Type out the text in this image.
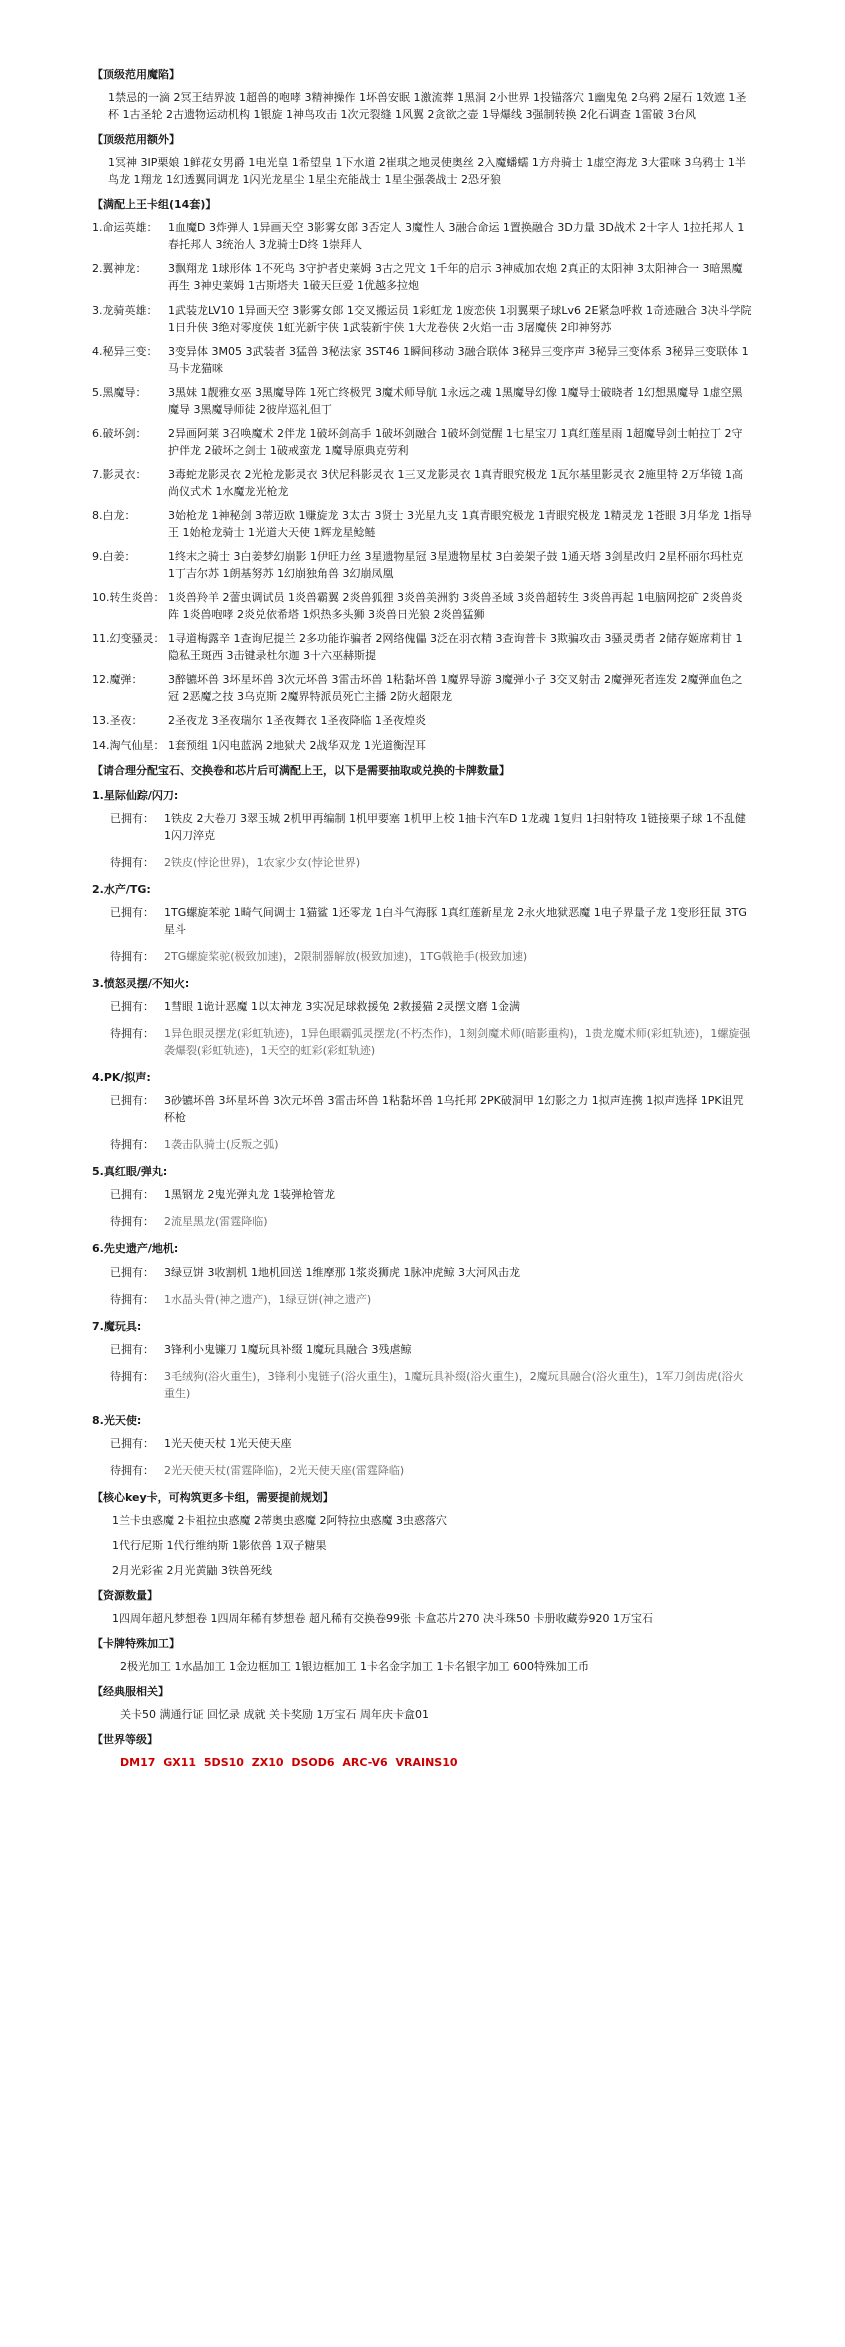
【顶级范用魔陷】
1禁忌的一滴 2冥王结界波 1超兽的咆哮 3精神操作 1坏兽安眠 1激流葬 1黑洞 2小世界 1投锚落穴 1幽鬼兔 2乌鸦 2屋石 1效遮 1圣杯 1古圣轮 2古遗物运动机构 1银旋 1神鸟攻击 1次元裂缝 1风翼 2贪欲之壶 1导爆线 3强制转换 2化石调查 1雷破 3台风
【顶级范用额外】
1冥神 3IP栗娘 1鲜花女男爵 1电光皇 1希望皇 1下水道 2崔琪之地灵使奥丝 2入魔蟠蠕 1方舟骑士 1虚空海龙 3大霍咪 3乌鸦士 1半鸟龙 1翔龙 1幻透翼同调龙 1闪光龙星尘 1星尘充能战士 1星尘强袭战士 2恐牙狼
【满配上王卡组(14套)】
1.命运英雄： 1血魔D 3炸弹人 1异画天空 3影雾女郎 3否定人 3魔性人 3融合命运 1置换融合 3D力量 3D战术 2十字人 1拉托邦人 1春托邦人 3统治人 3龙骑士D终 1崇拜人
2.翼神龙：	3飘翔龙 1球形体 1不死鸟 3守护者史莱姆 3古之咒文 1千年的启示 3神威加农炮 2真正的太阳神 3太阳神合一 3暗黑魔再生 3神史莱姆 1古斯塔夫 1破天巨爱 1优越多拉炮
3.龙骑英雄： 1武装龙LV10 1异画天空 3影雾女郎 1交叉搬运员 1彩虹龙 1废恋侠 1羽翼栗子球Lv6 2E紧急呼救 1奇迹融合 3决斗学院 1日升侠 3绝对零度侠 1虹光新宇侠 1武装新宇侠 1大龙卷侠 2火焰一击 3屠魔侠 2印神努苏
4.秘异三变： 3变异体 3M05 3武装者 3猛兽 3秘法家 3ST46 1瞬间移动 3融合联体 3秘异三变序声 3秘异三变体系 3秘异三变联体 1马卡龙猫咪
5.黑魔导：	3黑妹 1靓雅女巫 3黑魔导阵 1死亡终极咒 3魔术师导航 1永远之魂 1黑魔导幻像 1魔导士破晓者 1幻想黑魔导 1虚空黑魔导 3黑魔导师徒 2彼岸巡礼但丁
6.破坏剑：	2异画阿莱 3召唤魔术 2伴龙 1破坏剑高手 1破坏剑融合 1破坏剑觉醒 1七星宝刀 1真红莲星雨 1超魔导剑士帕拉丁 2守护伴龙 2破坏之剑士 1破戒蛮龙 1魔导原典克劳利
7.影灵衣：	3毒蛇龙影灵衣 2光枪龙影灵衣 3伏尼科影灵衣 1三叉龙影灵衣 1真青眼究极龙 1瓦尔基里影灵衣 2施里特 2万华镜 1高尚仪式术 1水魔龙光枪龙
8.白龙：	3始枪龙 1神秘剑 3蒂迈欧 1赚旋龙 3太古 3贤士 3光星九支 1真青眼究极龙 1青眼究极龙 1精灵龙 1苍眼 3月华龙 1指导王 1始枪龙骑士 1光道大天使 1辉龙星鲶鲢
9.白姜：	1终末之骑士 3白姜梦幻崩影 1伊旺力丝 3星遗物星冠 3星遗物星杖 3白姜架子鼓 1通天塔 3剑星改归 2星杯丽尔玛杜克 1丁吉尔苏 1朗基努苏 1幻崩独角兽 3幻崩凤凰
10.转生炎兽： 1炎兽羚羊 2蕾虫调试员 1炎兽霸翼 2炎兽狐狸 3炎兽美洲豹 3炎兽圣域 3炎兽超转生 3炎兽再起 1电脑网挖矿 2炎兽炎阵 1炎兽咆哮 2炎兑依希塔 1炽热多头狮 3炎兽日光狼 2炎兽猛狮
11.幻变骚灵： 1寻道梅露辛 1查询尼提兰 2多功能诈骗者 2网络傀儡 3泛在羽衣精 3查询普卡 3欺骗攻击 3骚灵勇者 2储存姬席莉甘 1隐私王斑西 3击键录杜尔迦 3十六巫赫斯提
12.魔弹：	3醉镳坏兽 3坏星坏兽 3次元坏兽 3雷击坏兽 1粘黏坏兽 1魔界导游 3魔弹小子 3交叉射击 2魔弹死者连发 2魔弹血色之冠 2恶魔之技 3乌克斯 2魔界特派员死亡主播 2防火超限龙
13.圣夜：	2圣夜龙 3圣夜瑞尔 1圣夜舞衣 1圣夜降临 1圣夜煌炎
14.淘气仙星： 1套预组 1闪电蓝涡 2地狱犬 2战华双龙 1光道衡涅耳
【请合理分配宝石、交换卷和芯片后可满配上王，以下是需要抽取或兑换的卡牌数量】
1.星际仙踪/闪刀:
已拥有： 1铁皮 2大卷刀 3翠玉城 2机甲再编制 1机甲要塞 1机甲上校 1抽卡汽车D 1龙魂 1复归 1扫射特攻 1链接栗子球 1不乱健 1闪刀淬克
待拥有： 2铁皮(悖论世界)，1农家少女(悖论世界)
2.水产/TG:
已拥有： 1TG螺旋苯驼 1畸气间调士 1猫鲨 1还零龙 1白斗气海豚 1真红莲新星龙 2永火地狱恶魔 1电子界量子龙 1变形狂鼠 3TG星斗
待拥有： 2TG螺旋桨驼(极致加速)，2限制器解放(极致加速)，1TG戟艳手(极致加速)
3.愤怒灵摆/不知火:
已拥有： 1彗眼 1诡计恶魔 1以太神龙 3实况足球救援兔 2救援猫 2灵摆文磨 1金满
待拥有： 1异色眼灵摆龙(彩虹轨迹)，1异色眼霸弧灵摆龙(不朽杰作)，1刻剑魔术师(暗影重构)，1贵龙魔术师(彩虹轨迹)，1螺旋强袭爆裂(彩虹轨迹)，1天空的虹彩(彩虹轨迹)
4.PK/拟声:
已拥有： 3砂镳坏兽 3坏星坏兽 3次元坏兽 3雷击坏兽 1粘黏坏兽 1乌托邦 2PK破洞甲 1幻影之力 1拟声连携 1拟声选择 1PK诅咒杯枪
待拥有： 1袭击队骑士(反叛之弧)
5.真红眼/弹丸:
已拥有： 1黑钢龙 2鬼光弹丸龙 1装弹枪管龙
待拥有： 2流星黑龙(雷霆降临)
6.先史遗产/地机:
已拥有： 3绿豆饼 3收割机 1地机回送 1维摩那 1浆炎狮虎 1脉冲虎鲸 3大河风击龙
待拥有： 1水晶头骨(神之遗产)，1绿豆饼(神之遗产)
7.魔玩具:
已拥有： 3锋利小鬼镰刀 1魔玩具补缀 1魔玩具融合 3残虐鲸
待拥有： 3毛绒狗(浴火重生)，3锋利小鬼链子(浴火重生)，1魔玩具补缀(浴火重生)，2魔玩具融合(浴火重生)，1军刀剑齿虎(浴火重生)
8.光天使:
已拥有： 1光天使天杖 1光天使天座
待拥有： 2光天使天杖(雷霆降临)，2光天使天座(雷霆降临)
【核心key卡，可构筑更多卡组，需要提前规划】
1兰卡虫惑魔 2卡祖拉虫惑魔 2蒂奥虫惑魔 2阿特拉虫惑魔 3虫惑落穴
1代行尼斯 1代行维纳斯 1影依兽 1双子糖果
2月光彩雀 2月光黄鼬 3铁兽死线
【资源数量】
1四周年超凡梦想卷 1四周年稀有梦想卷 超凡稀有交换卷99张 卡盒芯片270 决斗珠50 卡册收藏券920 1万宝石
【卡牌特殊加工】
2极光加工 1水晶加工 1金边框加工 1银边框加工 1卡名金字加工 1卡名银字加工 600特殊加工币
【经典服相关】
关卡50 满通行证 回忆录 成就 关卡奖励 1万宝石 周年庆卡盒01
【世界等级】
DM17 GX11 5DS10 ZX10 DSOD6 ARC-V6 VRAINS10
